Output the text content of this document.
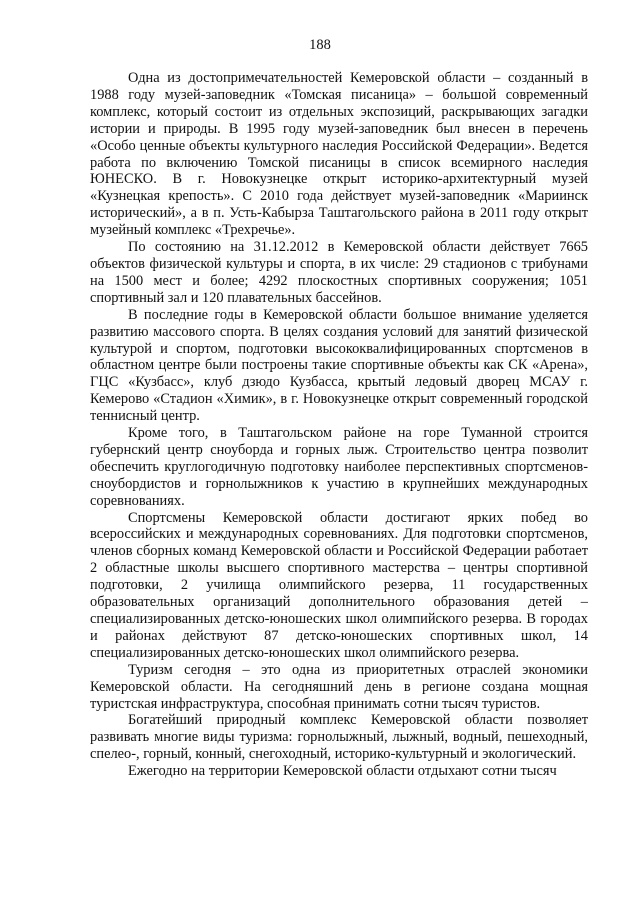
188

Одна из достопримечательностей Кемеровской области – созданный в 1988 году музей-заповедник «Томская писаница» – большой современный комплекс, который состоит из отдельных экспозиций, раскрывающих загадки истории и природы. В 1995 году музей-заповедник был внесен в перечень «Особо ценные объекты культурного наследия Российской Федерации». Ведется работа по включению Томской писаницы в список всемирного наследия ЮНЕСКО. В г. Новокузнецке открыт историко-архитектурный музей «Кузнецкая крепость». С 2010 года действует музей-заповедник «Мариинск исторический», а в п. Усть-Кабырза Таштагольского района в 2011 году открыт музейный комплекс «Трехречье».

По состоянию на 31.12.2012 в Кемеровской области действует 7665 объектов физической культуры и спорта, в их числе: 29 стадионов с трибунами на 1500 мест и более; 4292 плоскостных спортивных сооружения; 1051 спортивный зал и 120 плавательных бассейнов.

В последние годы в Кемеровской области большое внимание уделяется развитию массового спорта. В целях создания условий для занятий физической культурой и спортом, подготовки высококвалифицированных спортсменов в областном центре были построены такие спортивные объекты как СК «Арена», ГЦС «Кузбасс», клуб дзюдо Кузбасса, крытый ледовый дворец МСАУ г. Кемерово «Стадион «Химик», в г. Новокузнецке открыт современный городской теннисный центр.

Кроме того, в Таштагольском районе на горе Туманной строится губернский центр сноуборда и горных лыж. Строительство центра позволит обеспечить круглогодичную подготовку наиболее перспективных спортсменов-сноубордистов и горнолыжников к участию в крупнейших международных соревнованиях.

Спортсмены Кемеровской области достигают ярких побед во всероссийских и международных соревнованиях. Для подготовки спортсменов, членов сборных команд Кемеровской области и Российской Федерации работает 2 областные школы высшего спортивного мастерства – центры спортивной подготовки, 2 училища олимпийского резерва, 11 государственных образовательных организаций дополнительного образования детей – специализированных детско-юношеских школ олимпийского резерва. В городах и районах действуют 87 детско-юношеских спортивных школ, 14 специализированных детско-юношеских школ олимпийского резерва.

Туризм сегодня – это одна из приоритетных отраслей экономики Кемеровской области. На сегодняшний день в регионе создана мощная туристская инфраструктура, способная принимать сотни тысяч туристов.

Богатейший природный комплекс Кемеровской области позволяет развивать многие виды туризма: горнолыжный, лыжный, водный, пешеходный, спелео-, горный, конный, снегоходный, историко-культурный и экологический.

Ежегодно на территории Кемеровской области отдыхают сотни тысяч
